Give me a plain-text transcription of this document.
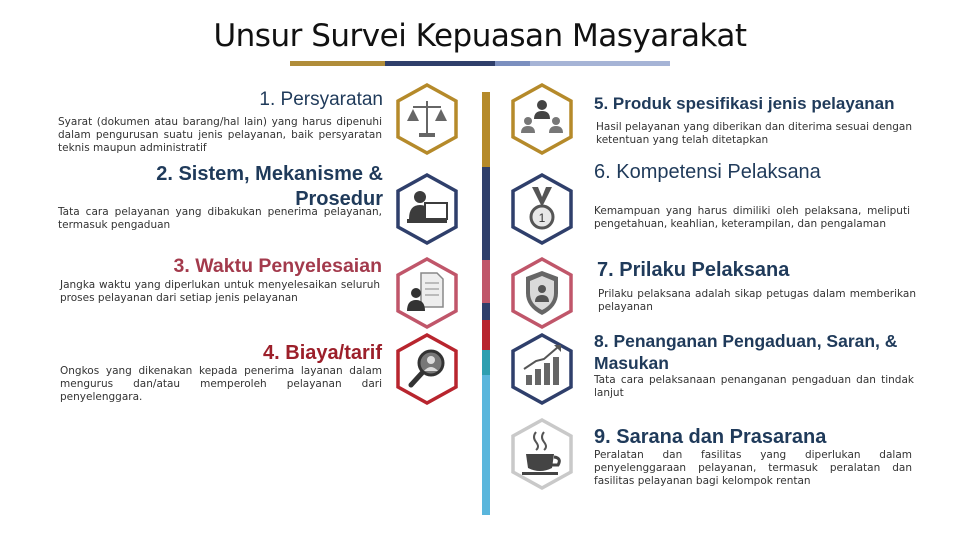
Unsur Survei Kepuasan Masyarakat
1. Persyaratan
Syarat (dokumen atau barang/hal lain) yang harus dipenuhi dalam pengurusan suatu jenis pelayanan, baik persyaratan teknis maupun administratif
2. Sistem, Mekanisme & Prosedur
Tata cara pelayanan yang dibakukan penerima pelayanan, termasuk pengaduan
3. Waktu Penyelesaian
Jangka waktu yang diperlukan untuk menyelesaikan seluruh proses pelayanan dari setiap jenis pelayanan
4. Biaya/tarif
Ongkos yang dikenakan kepada penerima layanan dalam mengurus dan/atau memperoleh pelayanan dari penyelenggara.
5. Produk spesifikasi jenis pelayanan
Hasil pelayanan yang diberikan dan diterima sesuai dengan ketentuan yang telah ditetapkan
1
6. Kompetensi Pelaksana
Kemampuan yang harus dimiliki oleh pelaksana, meliputi pengetahuan, keahlian, keterampilan, dan pengalaman
7. Prilaku Pelaksana
Prilaku pelaksana adalah sikap petugas dalam memberikan pelayanan
8. Penanganan Pengaduan, Saran, & Masukan
Tata cara pelaksanaan penanganan pengaduan dan tindak lanjut
9. Sarana dan Prasarana
Peralatan dan fasilitas yang diperlukan dalam penyelenggaraan pelayanan, termasuk peralatan dan fasilitas pelayanan bagi kelompok rentan
